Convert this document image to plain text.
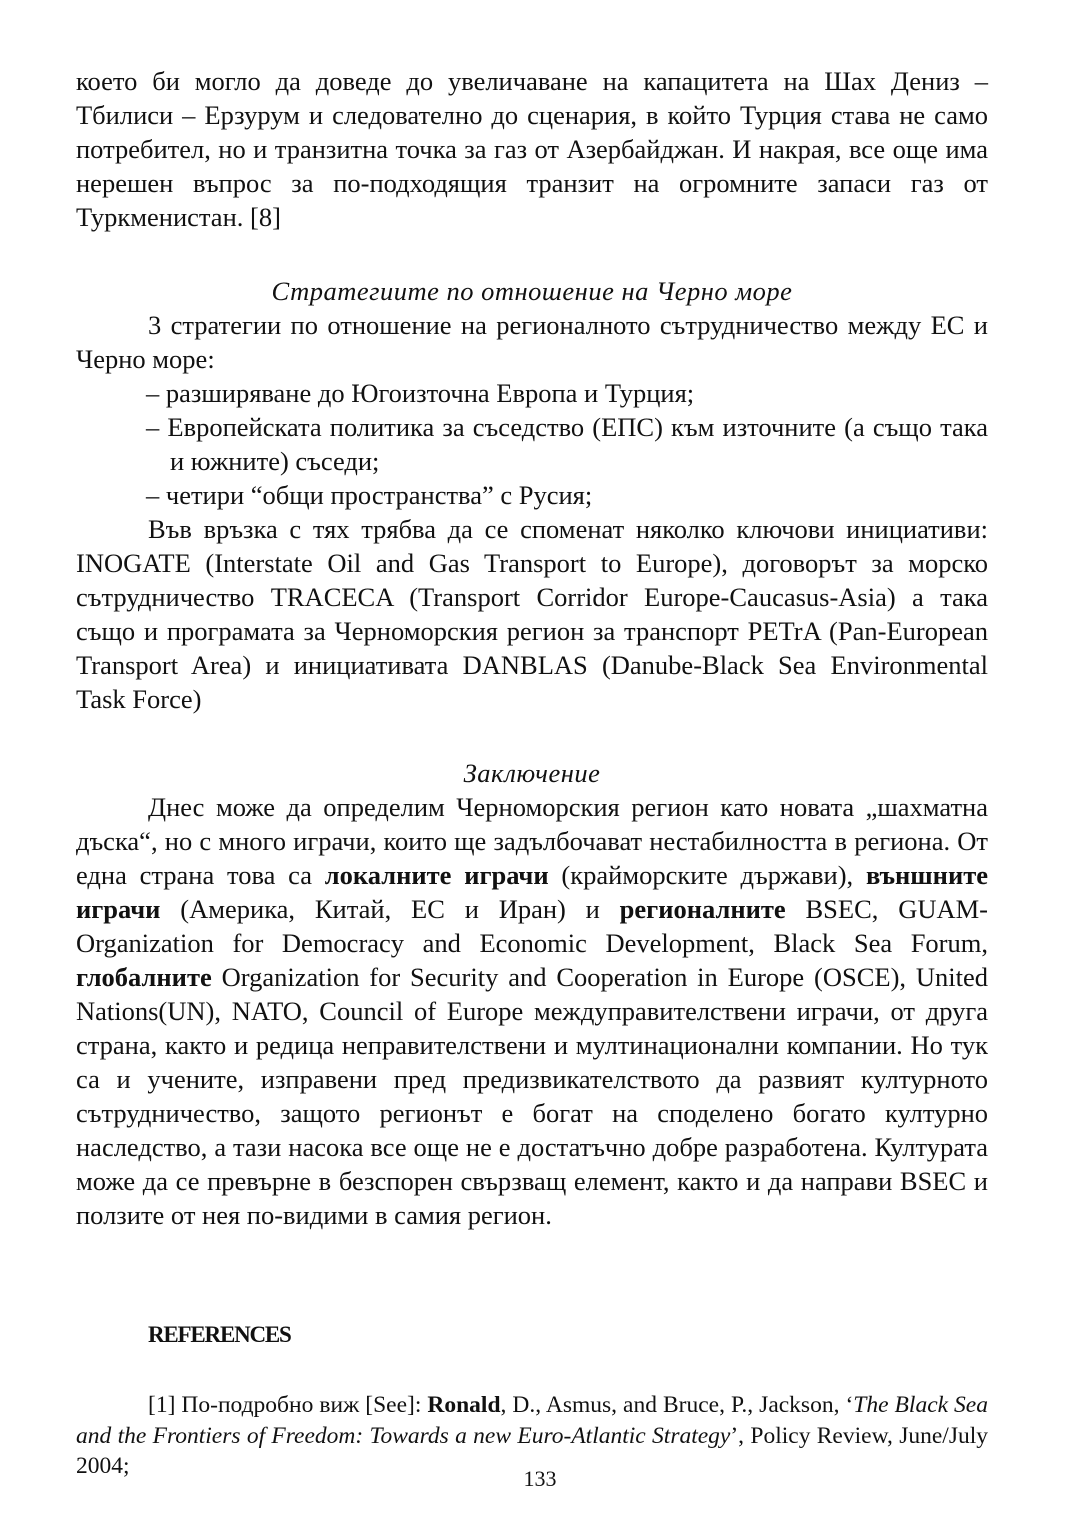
което би могло да доведе до увеличаване на капацитета на Шах Дениз – Тбилиси – Ерзурум и следователно до сценария, в който Турция става не само потребител, но и транзитна точка за газ от Азербайджан. И накрая, все още има нерешен въпрос за по-подходящия транзит на огромните запаси газ от Туркменистан. [8]

Стратегиите по отношение на Черно море

3 стратегии по отношение на регионалното сътрудничество между ЕС и Черно море:

– разширяване до Югоизточна Европа и Турция;

– Европейската политика за съседство (ЕПС) към източните (а също така и южните) съседи;

– четири “общи пространства” с Русия;

Във връзка с тях трябва да се споменат няколко ключови инициативи: INOGATE (Interstate Oil and Gas Transport to Europe), договорът за морско сътрудничество TRACECA (Transport Corridor Europe-Caucasus-Asia) а така също и програмата за Черноморския регион за транспорт PETrA (Pan-European Transport Area) и инициативата DANBLAS (Danube-Black Sea Environmental Task Force)

Заключение

Днес може да определим Черноморския регион като новата „шахматна дъска“, но с много играчи, които ще задълбочават нестабилността в региона. От една страна това са локалните играчи (крайморските държави), външните играчи (Америка, Китай, ЕС и Иран) и регионалните BSEC, GUAM-Organization for Democracy and Economic Development, Black Sea Forum, глобалните Organization for Security and Cooperation in Europe (OSCE), United Nations(UN), NATO, Council of Europe междуправителствени играчи, от друга страна, както и редица неправителствени и мултинационални компании. Но тук са и учените, изправени пред предизвикателството да развият културното сътрудничество, защото регионът е богат на споделено богато културно наследство, а тази насока все още не е достатъчно добре разработена. Културата може да се превърне в безспорен свързващ елемент, както и да направи BSEC и ползите от нея по-видими в самия регион.

REFERENCES

[1] По-подробно виж [See]: Ronald, D., Asmus, and Bruce, P., Jackson, ‘The Black Sea and the Frontiers of Freedom: Towards a new Euro-Atlantic Strategy’, Policy Review, June/July 2004;	133
